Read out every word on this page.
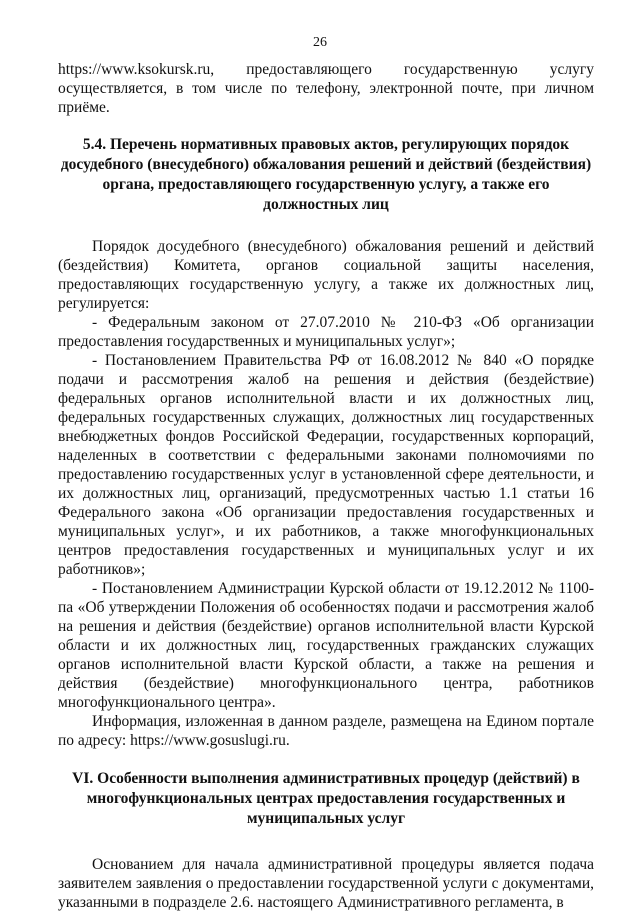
26

https://www.ksokursk.ru, предоставляющего государственную услугу осуществляется, в том числе по телефону, электронной почте, при личном приёме.

5.4. Перечень нормативных правовых актов, регулирующих порядок досудебного (внесудебного) обжалования решений и действий (бездействия) органа, предоставляющего государственную услугу, а также его должностных лиц

Порядок досудебного (внесудебного) обжалования решений и действий (бездействия) Комитета, органов социальной защиты населения, предоставляющих государственную услугу, а также их должностных лиц, регулируется:

- Федеральным законом от 27.07.2010 № 210-ФЗ «Об организации предоставления государственных и муниципальных услуг»;

- Постановлением Правительства РФ от 16.08.2012 № 840 «О порядке подачи и рассмотрения жалоб на решения и действия (бездействие) федеральных органов исполнительной власти и их должностных лиц, федеральных государственных служащих, должностных лиц государственных внебюджетных фондов Российской Федерации, государственных корпораций, наделенных в соответствии с федеральными законами полномочиями по предоставлению государственных услуг в установленной сфере деятельности, и их должностных лиц, организаций, предусмотренных частью 1.1 статьи 16 Федерального закона «Об организации предоставления государственных и муниципальных услуг», и их работников, а также многофункциональных центров предоставления государственных и муниципальных услуг и их работников»;

- Постановлением Администрации Курской области от 19.12.2012 № 1100-па «Об утверждении Положения об особенностях подачи и рассмотрения жалоб на решения и действия (бездействие) органов исполнительной власти Курской области и их должностных лиц, государственных гражданских служащих органов исполнительной власти Курской области, а также на решения и действия (бездействие) многофункционального центра, работников многофункционального центра».

Информация, изложенная в данном разделе, размещена на Едином портале по адресу: https://www.gosuslugi.ru.

VI. Особенности выполнения административных процедур (действий) в многофункциональных центрах предоставления государственных и муниципальных услуг

Основанием для начала административной процедуры является подача заявителем заявления о предоставлении государственной услуги с документами, указанными в подразделе 2.6. настоящего Административного регламента, в
